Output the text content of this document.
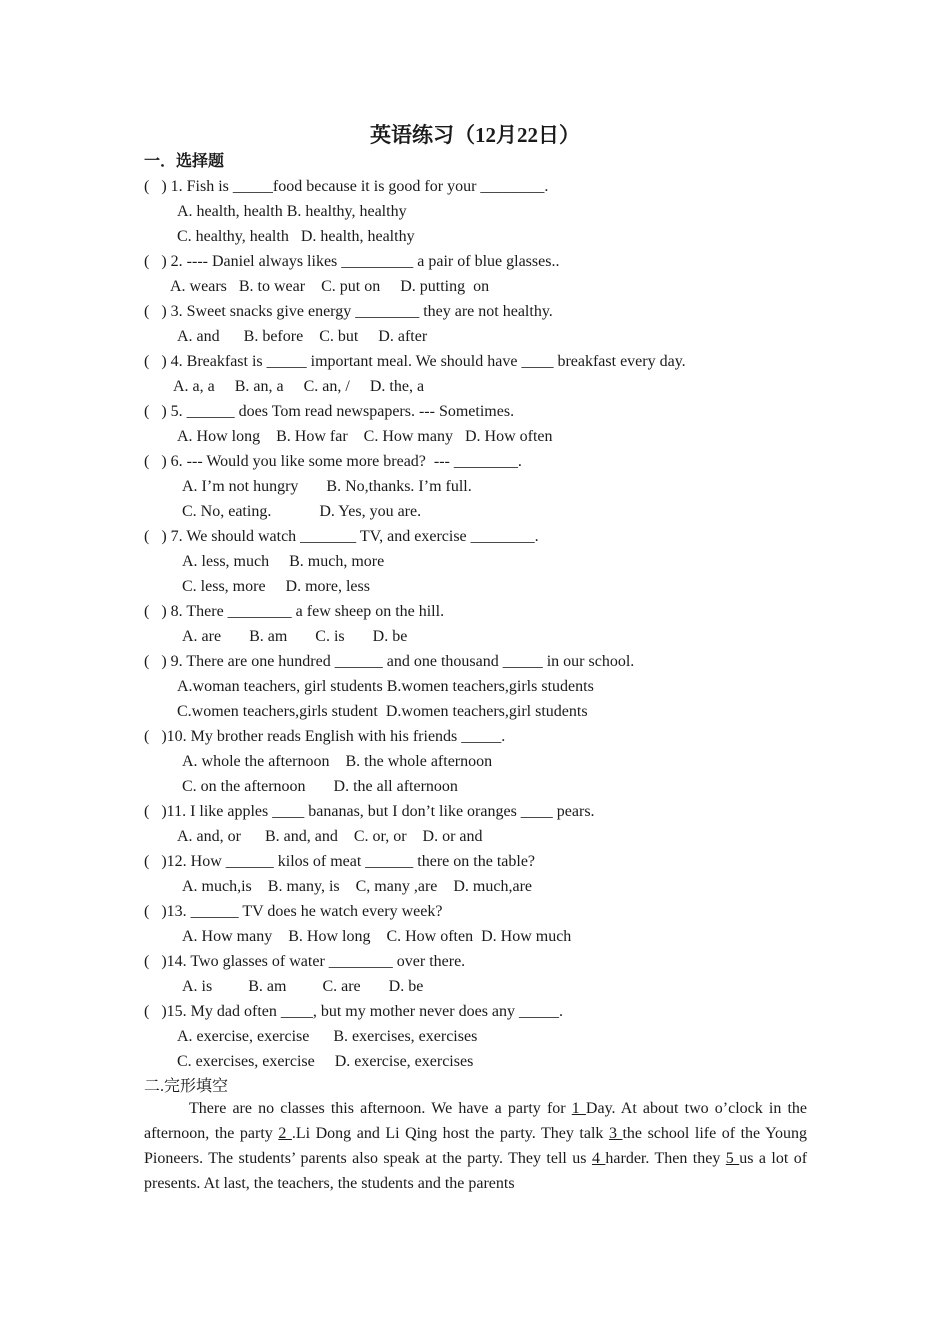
英语练习（12月22日）
一．选择题
(   ) 1. Fish is _____food because it is good for your ________.
A. health, health B. healthy, healthy
C. healthy, health   D. health, healthy
(   ) 2. ---- Daniel always likes _________ a pair of blue glasses..
A. wears   B. to wear    C. put on     D. putting  on
(   ) 3. Sweet snacks give energy ________ they are not healthy.
A. and      B. before    C. but     D. after
(   ) 4. Breakfast is _____ important meal. We should have ____ breakfast every day.
A. a, a     B. an, a     C. an, /     D. the, a
(   ) 5. ______ does Tom read newspapers. --- Sometimes.
A. How long    B. How far    C. How many   D. How often
(   ) 6. --- Would you like some more bread?  --- ________.
A. I’m not hungry       B. No,thanks. I’m full.
C. No, eating.            D. Yes, you are.
(   ) 7. We should watch _______ TV, and exercise ________.
A. less, much     B. much, more
C. less, more     D. more, less
(   ) 8. There ________ a few sheep on the hill.
A. are       B. am       C. is       D. be
(   ) 9. There are one hundred ______ and one thousand _____ in our school.
A.woman teachers, girl students B.women teachers,girls students
C.women teachers,girls student  D.women teachers,girl students
(   )10. My brother reads English with his friends _____.
A. whole the afternoon    B. the whole afternoon
C. on the afternoon       D. the all afternoon
(   )11. I like apples ____ bananas, but I don’t like oranges ____ pears.
A. and, or      B. and, and    C. or, or    D. or and
(   )12. How ______ kilos of meat ______ there on the table?
A. much,is    B. many, is    C, many ,are    D. much,are
(   )13. ______ TV does he watch every week?
A. How many    B. How long    C. How often  D. How much
(   )14. Two glasses of water ________ over there.
A. is         B. am         C. are       D. be
(   )15. My dad often ____, but my mother never does any _____.
A. exercise, exercise      B. exercises, exercises
C. exercises, exercise     D. exercise, exercises
二.完形填空
There are no classes this afternoon. We have a party for 1 Day. At about two o’clock in the afternoon, the party 2 .Li Dong and Li Qing host the party. They talk 3 the school life of the Young Pioneers. The students’ parents also speak at the party. They tell us 4 harder. Then they 5 us a lot of presents. At last, the teachers, the students and the parents
